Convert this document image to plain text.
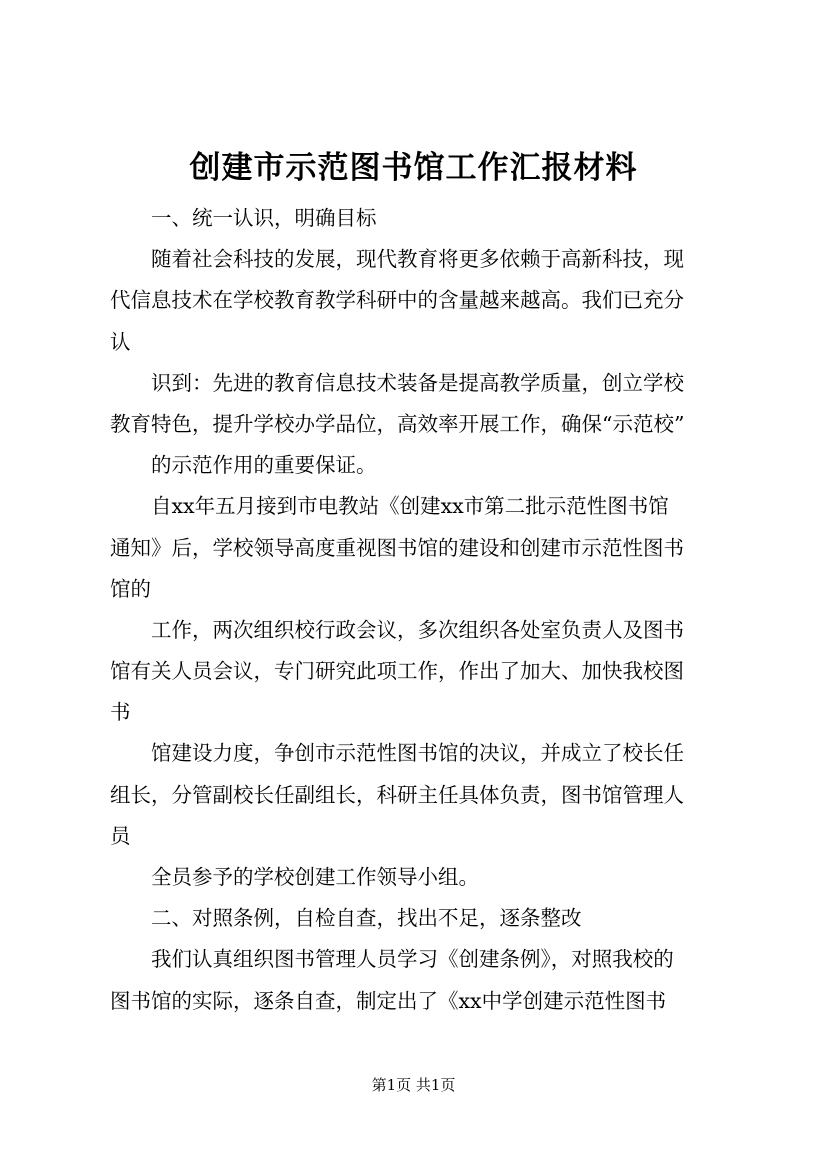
创建市示范图书馆工作汇报材料

一、统一认识，明确目标

随着社会科技的发展，现代教育将更多依赖于高新科技，现

代信息技术在学校教育教学科研中的含量越来越高。我们已充分

认

识到：先进的教育信息技术装备是提高教学质量，创立学校

教育特色，提升学校办学品位，高效率开展工作，确保“示范校”

的示范作用的重要保证。

自xx年五月接到市电教站《创建xx市第二批示范性图书馆

通知》后，学校领导高度重视图书馆的建设和创建市示范性图书

馆的

工作，两次组织校行政会议，多次组织各处室负责人及图书

馆有关人员会议，专门研究此项工作，作出了加大、加快我校图

书

馆建设力度，争创市示范性图书馆的决议，并成立了校长任

组长，分管副校长任副组长，科研主任具体负责，图书馆管理人

员

全员参予的学校创建工作领导小组。

二、对照条例，自检自查，找出不足，逐条整改

我们认真组织图书管理人员学习《创建条例》，对照我校的

图书馆的实际，逐条自查，制定出了《xx中学创建示范性图书

第1页 共1页
